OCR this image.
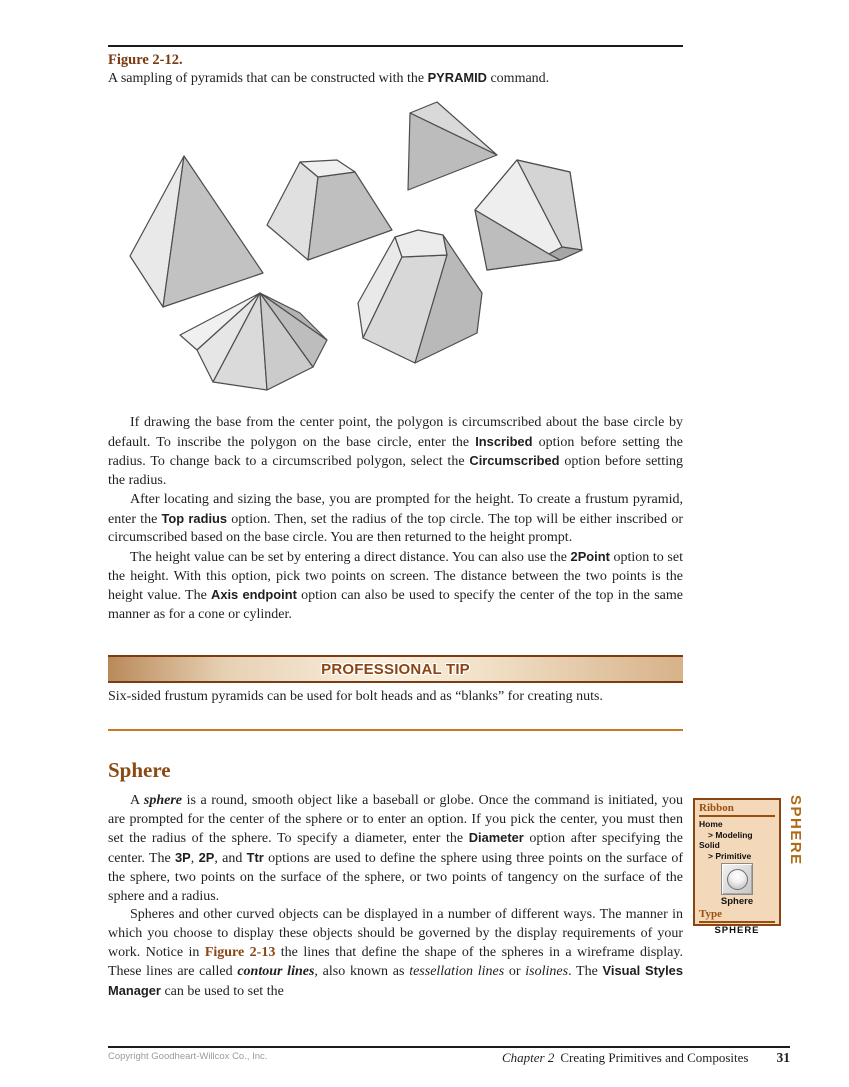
Figure 2-12.
A sampling of pyramids that can be constructed with the PYRAMID command.

If drawing the base from the center point, the polygon is circumscribed about the base circle by default. To inscribe the polygon on the base circle, enter the Inscribed option before setting the radius. To change back to a circumscribed polygon, select the Circumscribed option before setting the radius.

After locating and sizing the base, you are prompted for the height. To create a frustum pyramid, enter the Top radius option. Then, set the radius of the top circle. The top will be either inscribed or circumscribed based on the base circle. You are then returned to the height prompt.

The height value can be set by entering a direct distance. You can also use the 2Point option to set the height. With this option, pick two points on screen. The distance between the two points is the height value. The Axis endpoint option can also be used to specify the center of the top in the same manner as for a cone or cylinder.

PROFESSIONAL TIP
Six-sided frustum pyramids can be used for bolt heads and as “blanks” for creating nuts.
Sphere

A sphere is a round, smooth object like a baseball or globe. Once the command is initiated, you are prompted for the center of the sphere or to enter an option. If you pick the center, you must then set the radius of the sphere. To specify a diameter, enter the Diameter option after specifying the center. The 3P, 2P, and Ttr options are used to define the sphere using three points on the surface of the sphere, two points on the surface of the sphere, or two points of tangency on the surface of the sphere and a radius.

Spheres and other curved objects can be displayed in a number of different ways. The manner in which you choose to display these objects should be governed by the display requirements of your work. Notice in Figure 2-13 the lines that define the shape of the spheres in a wireframe display. These lines are called contour lines, also known as tessellation lines or isolines. The Visual Styles Manager can be used to set the

Ribbon
Home
> Modeling
Solid
> Primitive
Sphere
Type
SPHERE
SPHERE
Copyright Goodheart-Willcox Co., Inc.	Chapter 2 Creating Primitives and Composites 31
